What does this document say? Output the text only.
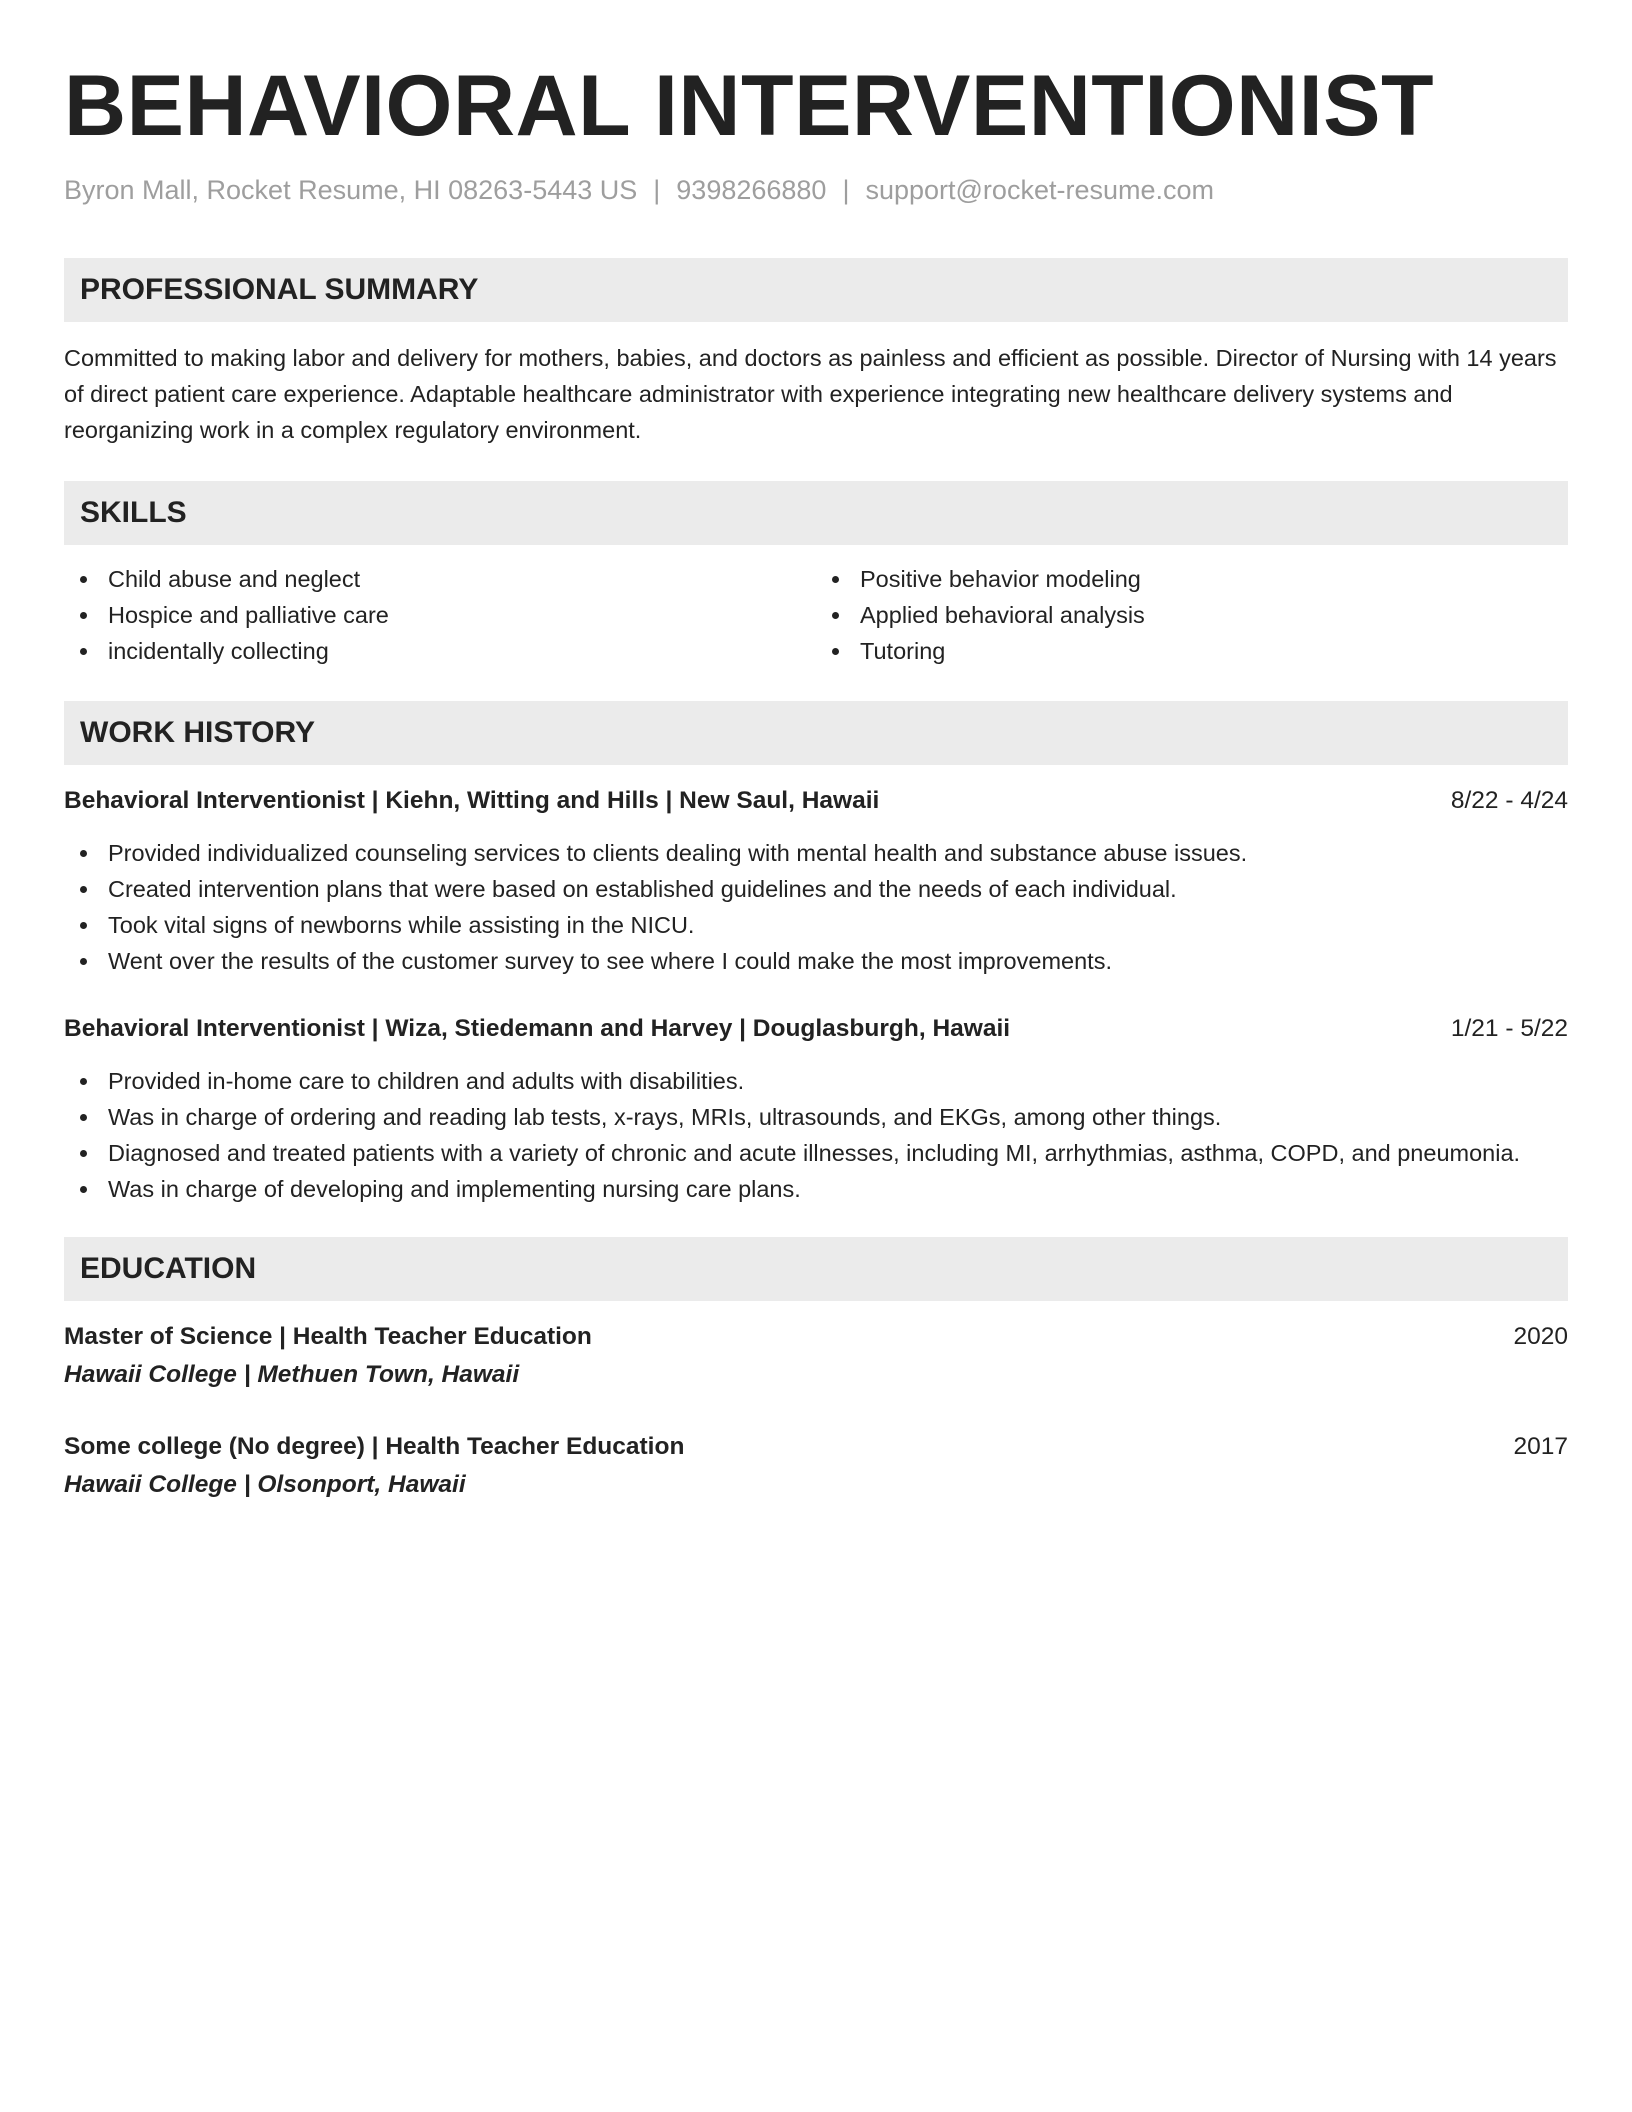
BEHAVIORAL INTERVENTIONIST
Byron Mall, Rocket Resume, HI 08263-5443 US | 9398266880 | support@rocket-resume.com
PROFESSIONAL SUMMARY

Committed to making labor and delivery for mothers, babies, and doctors as painless and efficient as possible. Director of Nursing with 14 years of direct patient care experience. Adaptable healthcare administrator with experience integrating new healthcare delivery systems and reorganizing work in a complex regulatory environment.

SKILLS
Child abuse and neglect
Hospice and palliative care
incidentally collecting
Positive behavior modeling
Applied behavioral analysis
Tutoring
WORK HISTORY
Behavioral Interventionist | Kiehn, Witting and Hills | New Saul, Hawaii	8/22 - 4/24
Provided individualized counseling services to clients dealing with mental health and substance abuse issues.
Created intervention plans that were based on established guidelines and the needs of each individual.
Took vital signs of newborns while assisting in the NICU.
Went over the results of the customer survey to see where I could make the most improvements.
Behavioral Interventionist | Wiza, Stiedemann and Harvey | Douglasburgh, Hawaii	1/21 - 5/22
Provided in-home care to children and adults with disabilities.
Was in charge of ordering and reading lab tests, x-rays, MRIs, ultrasounds, and EKGs, among other things.
Diagnosed and treated patients with a variety of chronic and acute illnesses, including MI, arrhythmias, asthma, COPD, and pneumonia.
Was in charge of developing and implementing nursing care plans.
EDUCATION
Master of Science | Health Teacher Education	2020
Hawaii College | Methuen Town, Hawaii
Some college (No degree) | Health Teacher Education	2017
Hawaii College | Olsonport, Hawaii
